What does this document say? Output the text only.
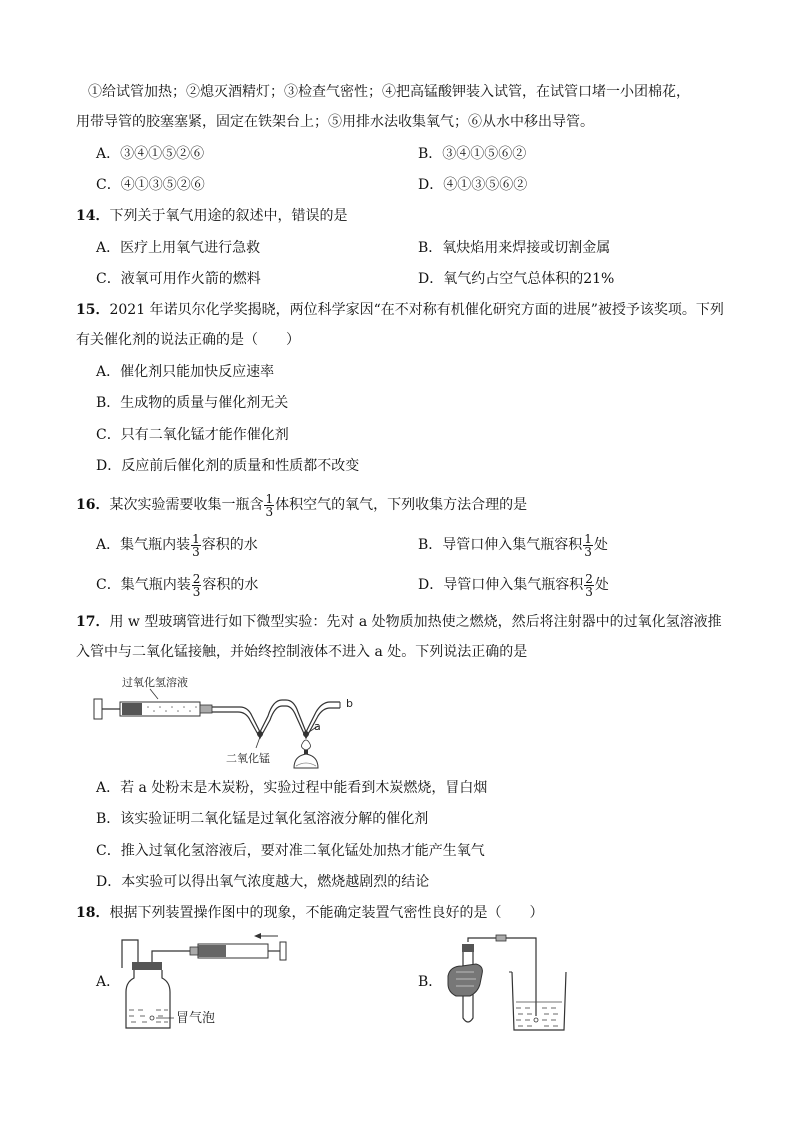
①给试管加热；②熄灭酒精灯；③检查气密性；④把高锰酸钾装入试管，在试管口堵一小团棉花，
用带导管的胶塞塞紧，固定在铁架台上；⑤用排水法收集氧气；⑥从水中移出导管。
A．③④①⑤②⑥	B．③④①⑤⑥②
C．④①③⑤②⑥	D．④①③⑤⑥②
14．下列关于氧气用途的叙述中，错误的是
A．医疗上用氧气进行急救	B．氧炔焰用来焊接或切割金属
C．液氧可用作火箭的燃料	D．氧气约占空气总体积的21%
15．2021 年诺贝尔化学奖揭晓，两位科学家因“在不对称有机催化研究方面的进展”被授予该奖项。下列
有关催化剂的说法正确的是（　　）
A．催化剂只能加快反应速率
B．生成物的质量与催化剂无关
C．只有二氧化锰才能作催化剂
D．反应前后催化剂的质量和性质都不改变
16．某次实验需要收集一瓶含 $\frac{1}{3}$ 体积空气的氧气，下列收集方法合理的是
A．集气瓶内装 $\frac{1}{3}$ 容积的水	B．导管口伸入集气瓶容积 $\frac{1}{3}$ 处
C．集气瓶内装 $\frac{2}{3}$ 容积的水	D．导管口伸入集气瓶容积 $\frac{2}{3}$ 处
17．用 w 型玻璃管进行如下微型实验：先对 a 处物质加热使之燃烧，然后将注射器中的过氧化氢溶液推
入管中与二氧化锰接触，并始终控制液体不进入 a 处。下列说法正确的是
过氧化氢溶液
b
二氧化锰
a
A．若 a 处粉末是木炭粉，实验过程中能看到木炭燃烧，冒白烟
B．该实验证明二氧化锰是过氧化氢溶液分解的催化剂
C．推入过氧化氢溶液后，要对准二氧化锰处加热才能产生氧气
D．本实验可以得出氧气浓度越大，燃烧越剧烈的结论
18．根据下列装置操作图中的现象，不能确定装置气密性良好的是（　　）
A．
冒气泡
B．
